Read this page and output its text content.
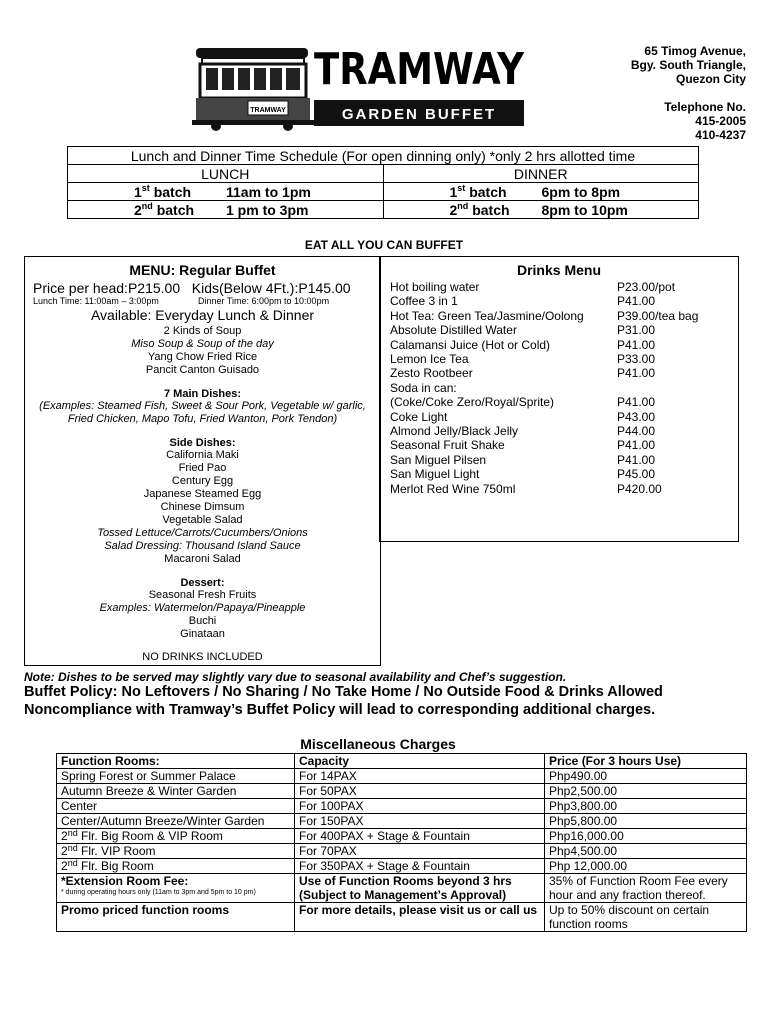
TRAMWAY
TRAMWAY
GARDEN BUFFET
65 Timog Avenue,
Bgy. South Triangle,
Quezon City
Telephone No.
415-2005
410-4237
Lunch and Dinner Time Schedule (For open dinning only) *only 2 hrs allotted time	
LUNCH	DINNER
1st batch 11am to 1pm	1st batch 6pm to 8pm
2nd batch 1 pm to 3pm	2nd batch 8pm to 10pm
EAT ALL YOU CAN BUFFET
MENU: Regular Buffet
Price per head:P215.00   Kids(Below 4Ft.):P145.00
Lunch Time: 11:00am – 3:00pm	Dinner Time: 6:00pm to 10:00pm
Available: Everyday Lunch & Dinner
2 Kinds of Soup
Miso Soup & Soup of the day
Yang Chow Fried Rice
Pancit Canton Guisado
7 Main Dishes:
(Examples: Steamed Fish, Sweet & Sour Pork, Vegetable w/ garlic,
Fried Chicken, Mapo Tofu, Fried Wanton, Pork Tendon)
Side Dishes:
California Maki
Fried Pao
Century Egg
Japanese Steamed Egg
Chinese Dimsum
Vegetable Salad
Tossed Lettuce/Carrots/Cucumbers/Onions
Salad Dressing: Thousand Island Sauce
Macaroni Salad
Dessert:
Seasonal Fresh Fruits
Examples: Watermelon/Papaya/Pineapple
Buchi
Ginataan
NO DRINKS INCLUDED
Drinks Menu
Hot boiling water	P23.00/pot
Coffee 3 in 1	P41.00
Hot Tea: Green Tea/Jasmine/Oolong	P39.00/tea bag
Absolute Distilled Water	P31.00
Calamansi Juice (Hot or Cold)	P41.00
Lemon Ice Tea	P33.00
Zesto Rootbeer	P41.00
Soda in can:
(Coke/Coke Zero/Royal/Sprite)	P41.00
Coke Light	P43.00
Almond Jelly/Black Jelly	P44.00
Seasonal Fruit Shake	P41.00
San Miguel Pilsen	P41.00
San Miguel Light	P45.00
Merlot Red Wine 750ml	P420.00
Note: Dishes to be served may slightly vary due to seasonal availability and Chef’s suggestion.
Buffet Policy: No Leftovers / No Sharing / No Take Home / No Outside Food & Drinks Allowed
Noncompliance with Tramway’s Buffet Policy will lead to corresponding additional charges.
Miscellaneous Charges
Function Rooms:	Capacity	Price (For 3 hours Use)
Spring Forest or Summer Palace	For 14PAX	Php490.00
Autumn Breeze & Winter Garden	For 50PAX	Php2,500.00
Center	For 100PAX	Php3,800.00
Center/Autumn Breeze/Winter Garden	For 150PAX	Php5,800.00
2nd Flr. Big Room & VIP Room	For 400PAX + Stage & Fountain	Php16,000.00
2nd Flr. VIP Room	For 70PAX	Php4,500.00
2nd Flr. Big Room	For 350PAX + Stage & Fountain	Php 12,000.00
*Extension Room Fee:
* during operating hours only (11am to 3pm and 5pm to 10 pm)	Use of Function Rooms beyond 3 hrs (Subject to Management’s Approval)	35% of Function Room Fee every hour and any fraction thereof.
Promo priced function rooms	For more details, please visit us or call us	Up to 50% discount on certain function rooms
